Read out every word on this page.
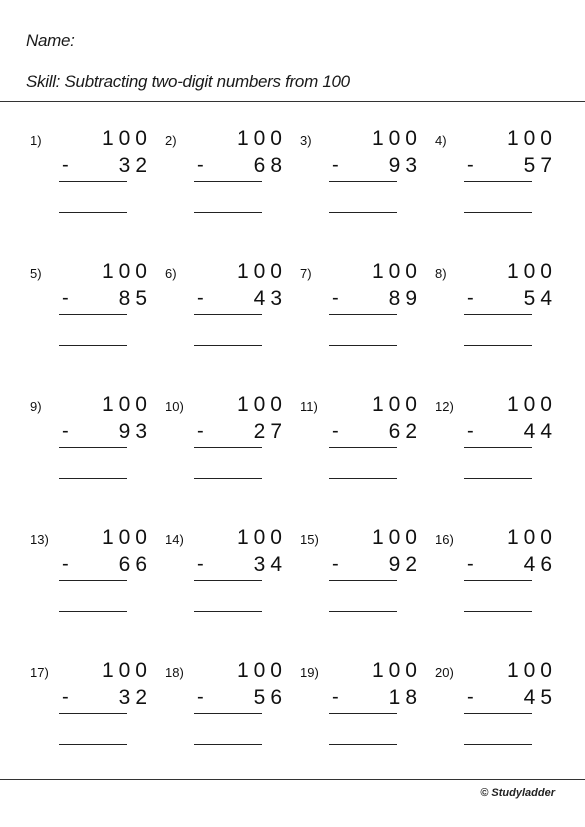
Name:
Skill: Subtracting two-digit numbers from 100
1)	100
-	32
2)	100
-	68
3)	100
-	93
4)	100
-	57
5)	100
-	85
6)	100
-	43
7)	100
-	89
8)	100
-	54
9)	100
-	93
10)	100
-	27
11)	100
-	62
12)	100
-	44
13)	100
-	66
14)	100
-	34
15)	100
-	92
16)	100
-	46
17)	100
-	32
18)	100
-	56
19)	100
-	18
20)	100
-	45
© Studyladder
